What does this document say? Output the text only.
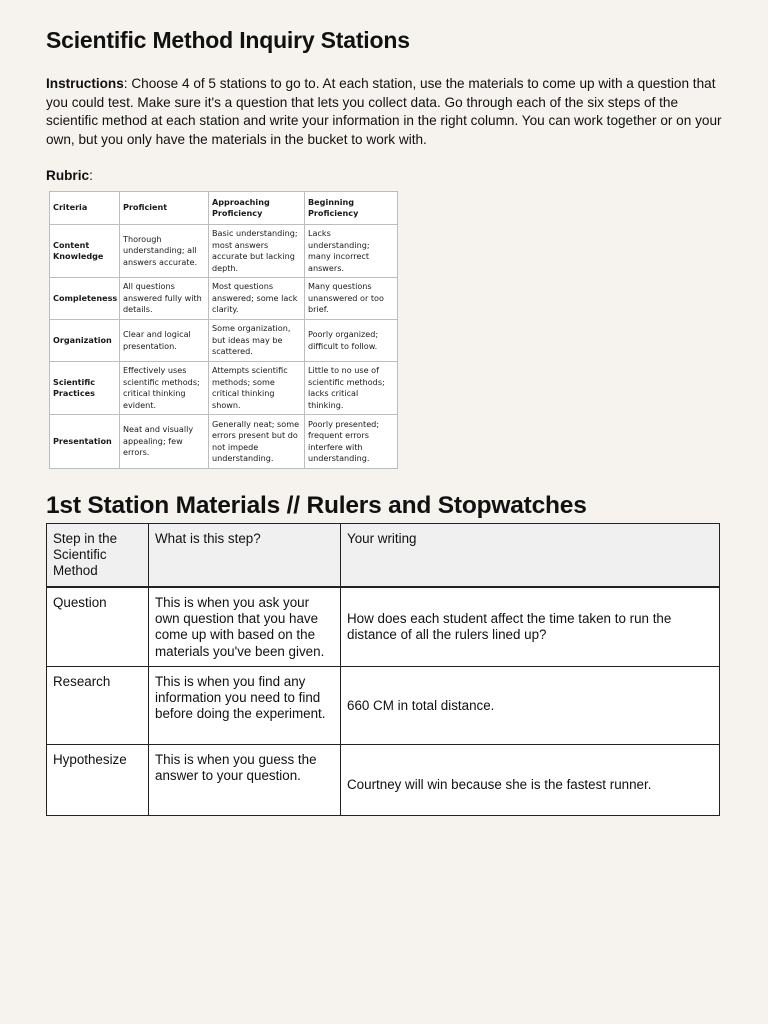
Scientific Method Inquiry Stations
Instructions: Choose 4 of 5 stations to go to. At each station, use the materials to come up with a question that you could test. Make sure it's a question that lets you collect data. Go through each of the six steps of the scientific method at each station and write your information in the right column. You can work together or on your own, but you only have the materials in the bucket to work with.
Rubric:
Criteria	Proficient	Approaching Proficiency	Beginning Proficiency
Content Knowledge	Thorough understanding; all answers accurate.	Basic understanding; most answers accurate but lacking depth.	Lacks understanding; many incorrect answers.
Completeness	All questions answered fully with details.	Most questions answered; some lack clarity.	Many questions unanswered or too brief.
Organization	Clear and logical presentation.	Some organization, but ideas may be scattered.	Poorly organized; difficult to follow.
Scientific Practices	Effectively uses scientific methods; critical thinking evident.	Attempts scientific methods; some critical thinking shown.	Little to no use of scientific methods; lacks critical thinking.
Presentation	Neat and visually appealing; few errors.	Generally neat; some errors present but do not impede understanding.	Poorly presented; frequent errors interfere with understanding.
1st Station Materials // Rulers and Stopwatches
Step in the Scientific Method	What is this step?	Your writing
Question	This is when you ask your own question that you have come up with based on the materials you've been given.	How does each student affect the time taken to run the distance of all the rulers lined up?
Research	This is when you find any information you need to find before doing the experiment.	660 CM in total distance.
Hypothesize	This is when you guess the answer to your question.	Courtney will win because she is the fastest runner.
